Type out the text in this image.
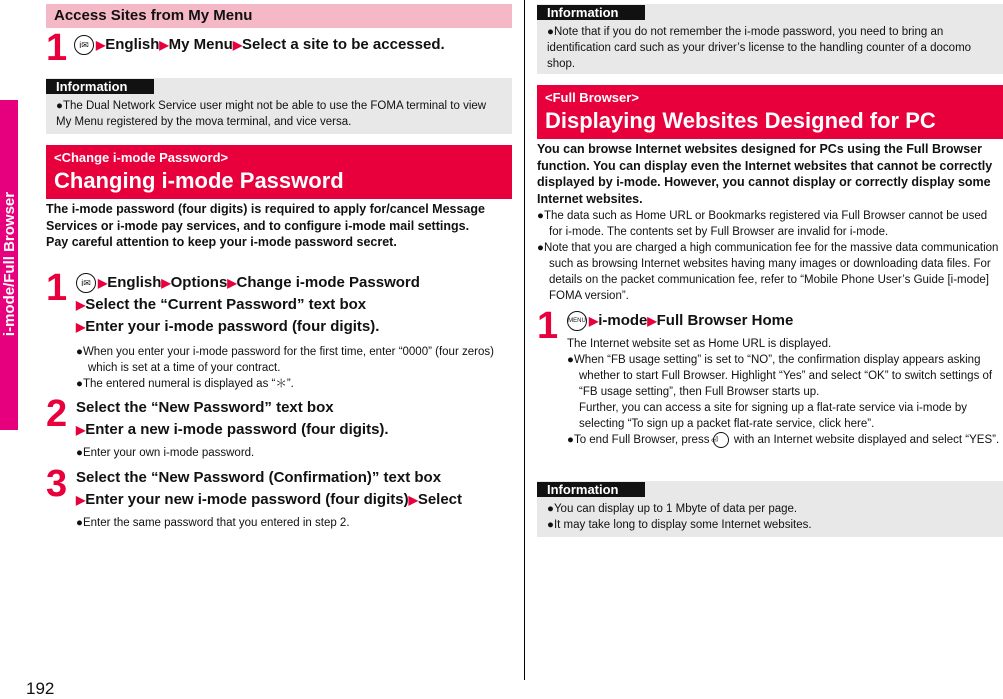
i-mode/Full Browser
192
Access Sites from My Menu
1	i✉ ▶English▶My Menu▶Select a site to be accessed.
Information
●The Dual Network Service user might not be able to use the FOMA terminal to view My Menu registered by the mova terminal, and vice versa.
<Change i-mode Password>
Changing i-mode Password
The i-mode password (four digits) is required to apply for/cancel Message Services or i-mode pay services, and to configure i-mode mail settings.
Pay careful attention to keep your i-mode password secret.
1	i✉ ▶English▶Options▶Change i-mode Password
▶Select the “Current Password” text box
▶Enter your i-mode password (four digits).
●When you enter your i-mode password for the first time, enter “0000” (four zeros) which is set at a time of your contract.
●The entered numeral is displayed as “＊”.
2 Select the “New Password” text box
▶Enter a new i-mode password (four digits).
●Enter your own i-mode password.
3 Select the “New Password (Confirmation)” text box
▶Enter your new i-mode password (four digits)▶Select
●Enter the same password that you entered in step 2.
Information
●Note that if you do not remember the i-mode password, you need to bring an identification card such as your driver’s license to the handling counter of a docomo shop.
<Full Browser>
Displaying Websites Designed for PC
You can browse Internet websites designed for PCs using the Full Browser function. You can display even the Internet websites that cannot be correctly displayed by i-mode. However, you cannot display or correctly display some Internet websites.
●The data such as Home URL or Bookmarks registered via Full Browser cannot be used for i-mode. The contents set by Full Browser are invalid for i-mode.
●Note that you are charged a high communication fee for the massive data communication such as browsing Internet websites having many images or downloading data files. For details on the packet communication fee, refer to “Mobile Phone User’s Guide [i-mode] FOMA version”.
1 MENU ▶i-mode▶Full Browser Home
The Internet website set as Home URL is displayed.
●When “FB usage setting” is set to “NO”, the confirmation display appears asking whether to start Full Browser. Highlight “Yes” and select “OK” to switch settings of “FB usage setting”, then Full Browser starts up.
Further, you can access a site for signing up a flat-rate service via i-mode by selecting “To sign up a packet flat-rate service, click here”.
●To end Full Browser, press ⏎ with an Internet website displayed and select “YES”.
Information
●You can display up to 1 Mbyte of data per page.
●It may take long to display some Internet websites.
